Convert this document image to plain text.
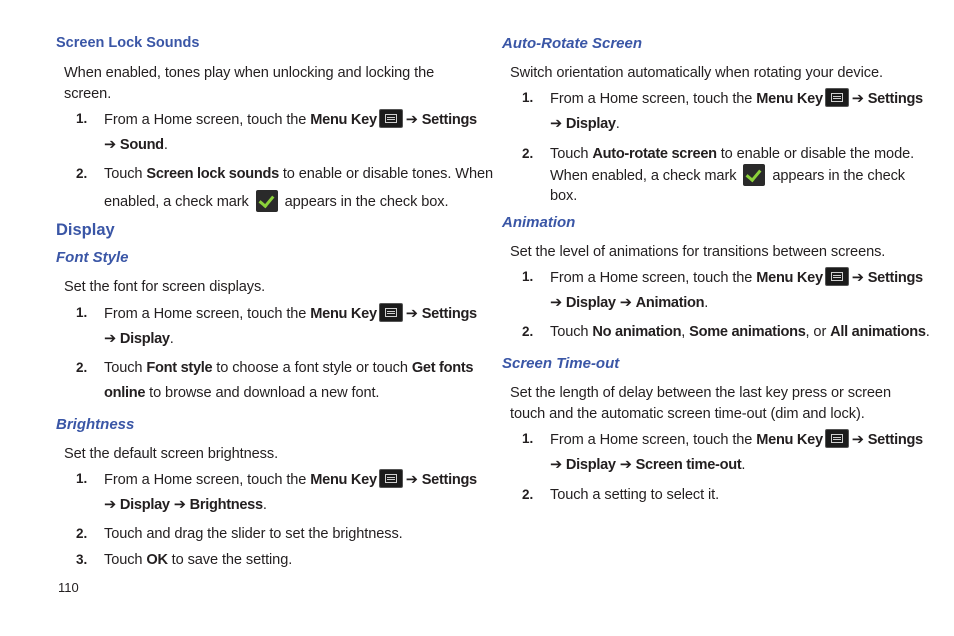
Screen Lock Sounds
When enabled, tones play when unlocking and locking the
screen.
1. From a Home screen, touch the Menu Key ➔ Settings
➔ Sound.
2. Touch Screen lock sounds to enable or disable tones. When
enabled, a check mark  appears in the check box.
Display
Font Style
Set the font for screen displays.
1. From a Home screen, touch the Menu Key ➔ Settings
➔ Display.
2. Touch Font style to choose a font style or touch Get fonts
online to browse and download a new font.
Brightness
Set the default screen brightness.
1. From a Home screen, touch the Menu Key ➔ Settings
➔ Display ➔ Brightness.
2. Touch and drag the slider to set the brightness.
3. Touch OK to save the setting.
110
Auto-Rotate Screen
Switch orientation automatically when rotating your device.
1. From a Home screen, touch the Menu Key ➔ Settings
➔ Display.
2. Touch Auto-rotate screen to enable or disable the mode.
When enabled, a check mark  appears in the check
box.
Animation
Set the level of animations for transitions between screens.
1. From a Home screen, touch the Menu Key ➔ Settings
➔ Display ➔ Animation.
2. Touch No animation, Some animations, or All animations.
Screen Time-out
Set the length of delay between the last key press or screen
touch and the automatic screen time-out (dim and lock).
1. From a Home screen, touch the Menu Key ➔ Settings
➔ Display ➔ Screen time-out.
2. Touch a setting to select it.
